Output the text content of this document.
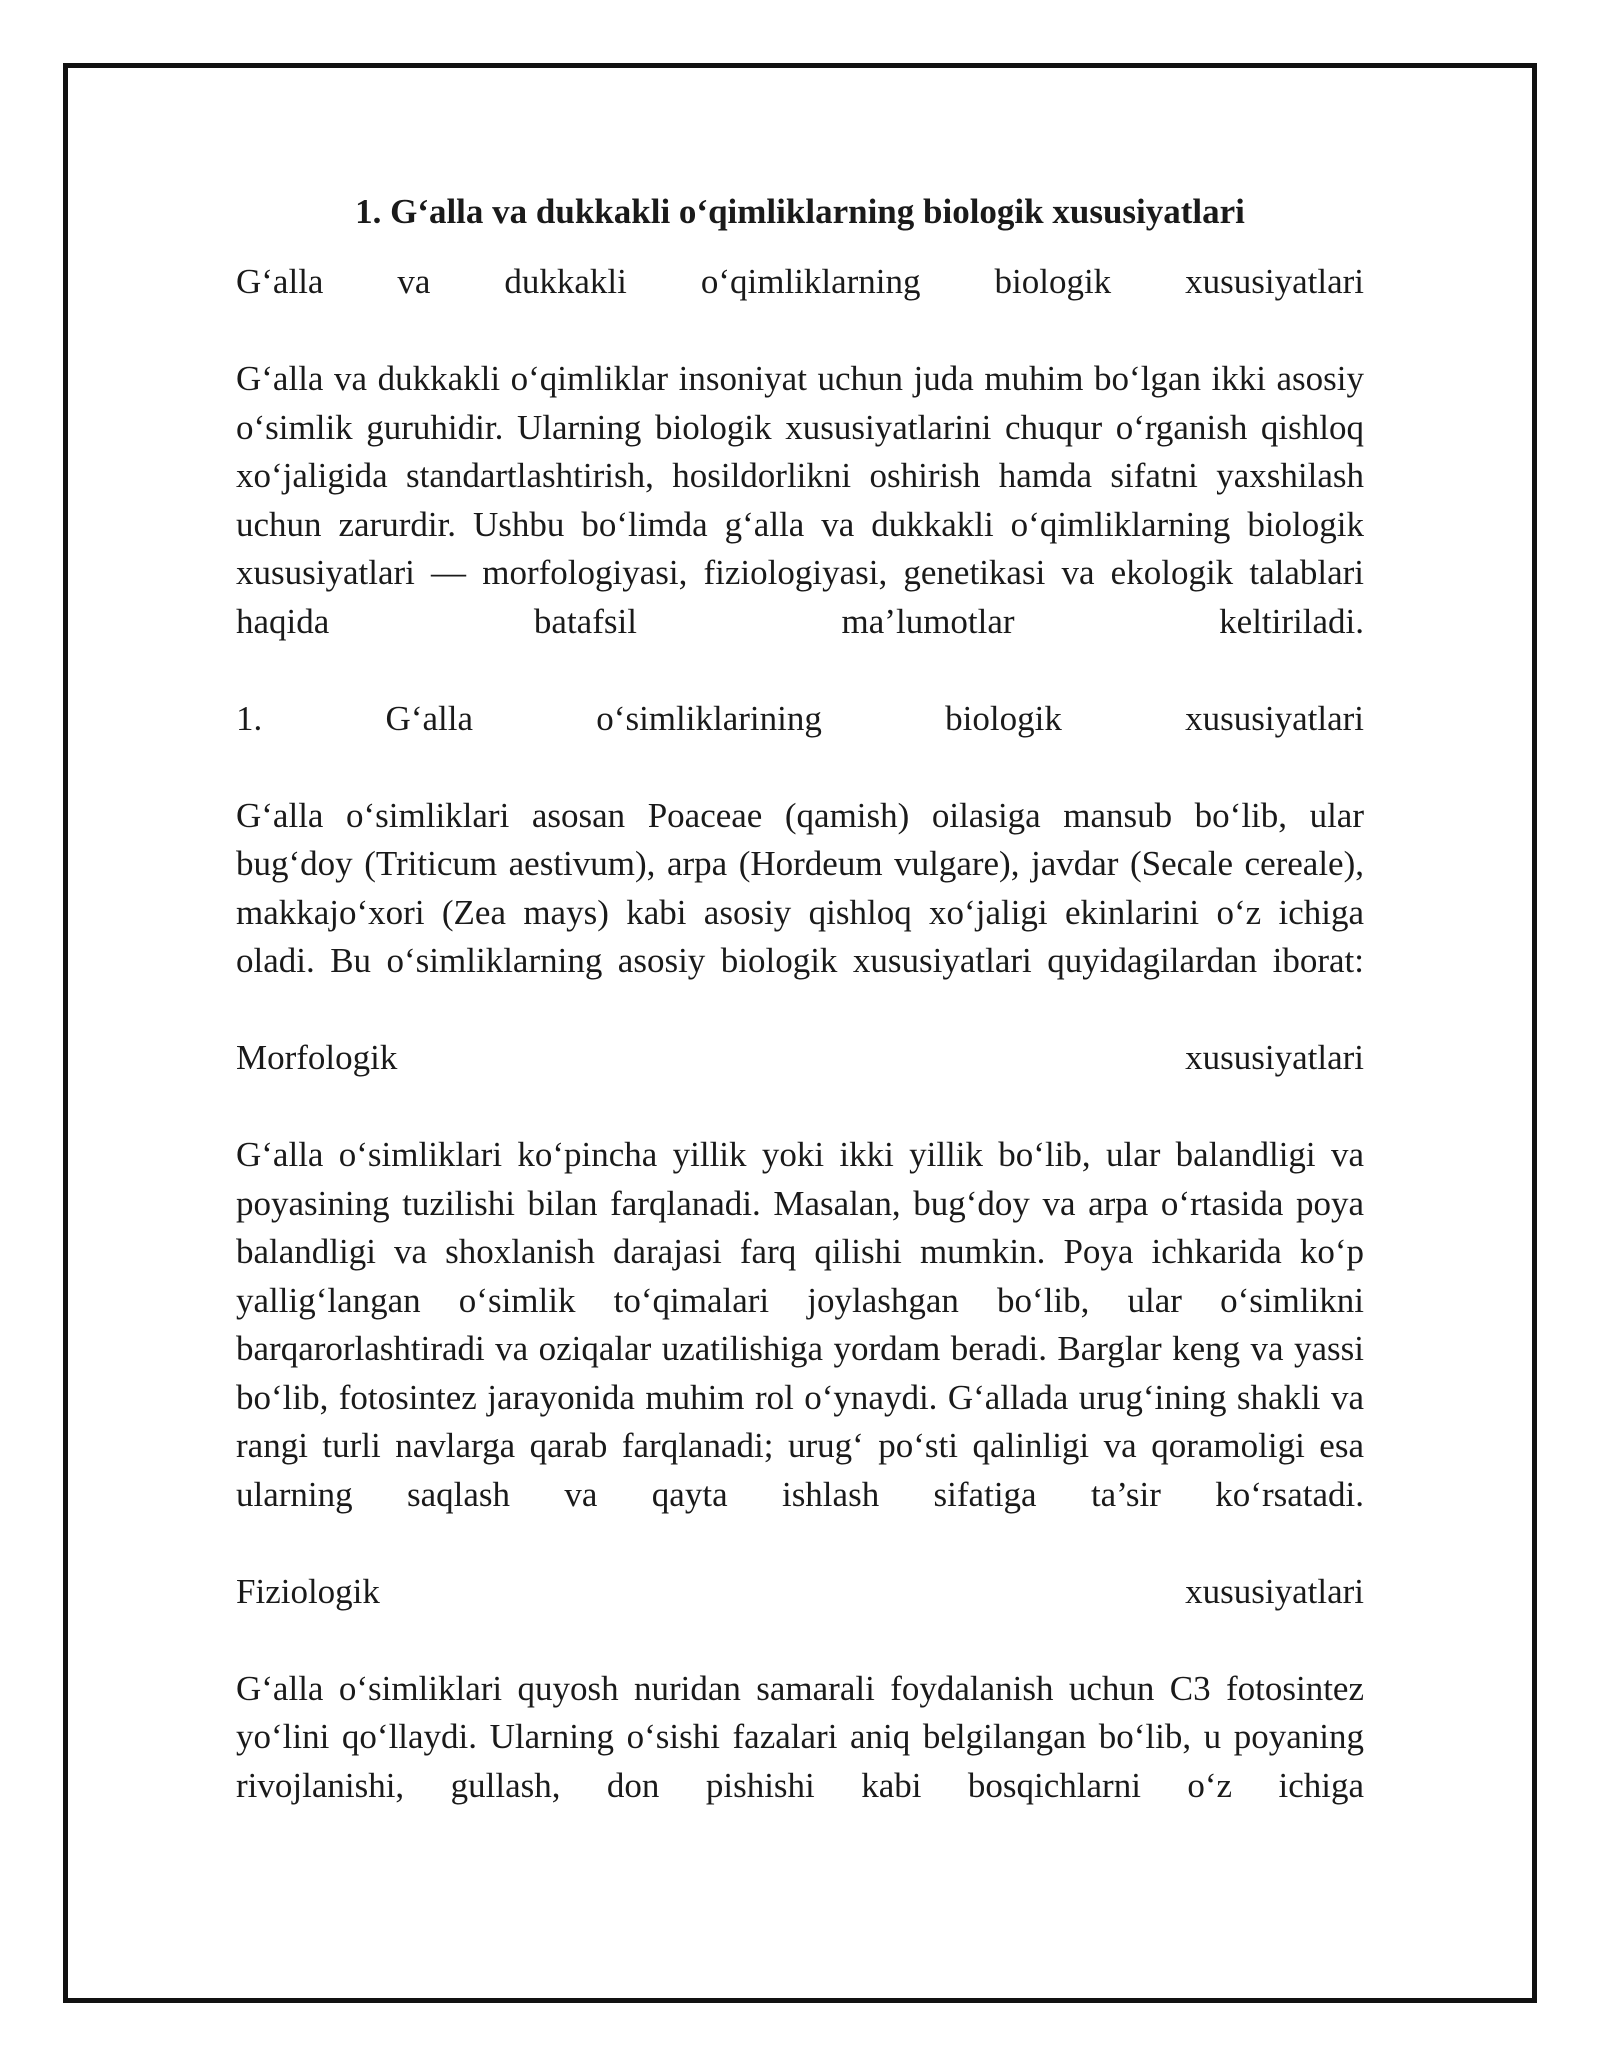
1. G‘alla va dukkakli o‘qimliklarning biologik xususiyatlari

G‘alla va dukkakli o‘qimliklarning biologik xususiyatlari

G‘alla va dukkakli o‘qimliklar insoniyat uchun juda muhim bo‘lgan ikki asosiy o‘simlik guruhidir. Ularning biologik xususiyatlarini chuqur o‘rganish qishloq xo‘jaligida standartlashtirish, hosildorlikni oshirish hamda sifatni yaxshilash uchun zarurdir. Ushbu bo‘limda g‘alla va dukkakli o‘qimliklarning biologik xususiyatlari — morfologiyasi, fiziologiyasi, genetikasi va ekologik talablari haqida batafsil ma’lumotlar keltiriladi.

1. G‘alla o‘simliklarining biologik xususiyatlari

G‘alla o‘simliklari asosan Poaceae (qamish) oilasiga mansub bo‘lib, ular bug‘doy (Triticum aestivum), arpa (Hordeum vulgare), javdar (Secale cereale), makkajo‘xori (Zea mays) kabi asosiy qishloq xo‘jaligi ekinlarini o‘z ichiga oladi. Bu o‘simliklarning asosiy biologik xususiyatlari quyidagilardan iborat:

Morfologik xususiyatlari

G‘alla o‘simliklari ko‘pincha yillik yoki ikki yillik bo‘lib, ular balandligi va poyasining tuzilishi bilan farqlanadi. Masalan, bug‘doy va arpa o‘rtasida poya balandligi va shoxlanish darajasi farq qilishi mumkin. Poya ichkarida ko‘p yallig‘langan o‘simlik to‘qimalari joylashgan bo‘lib, ular o‘simlikni barqarorlashtiradi va oziqalar uzatilishiga yordam beradi. Barglar keng va yassi bo‘lib, fotosintez jarayonida muhim rol o‘ynaydi. G‘allada urug‘ining shakli va rangi turli navlarga qarab farqlanadi; urug‘ po‘sti qalinligi va qoramoligi esa ularning saqlash va qayta ishlash sifatiga ta’sir ko‘rsatadi.

Fiziologik xususiyatlari

G‘alla o‘simliklari quyosh nuridan samarali foydalanish uchun C3 fotosintez yo‘lini qo‘llaydi. Ularning o‘sishi fazalari aniq belgilangan bo‘lib, u poyaning rivojlanishi, gullash, don pishishi kabi bosqichlarni o‘z ichiga
